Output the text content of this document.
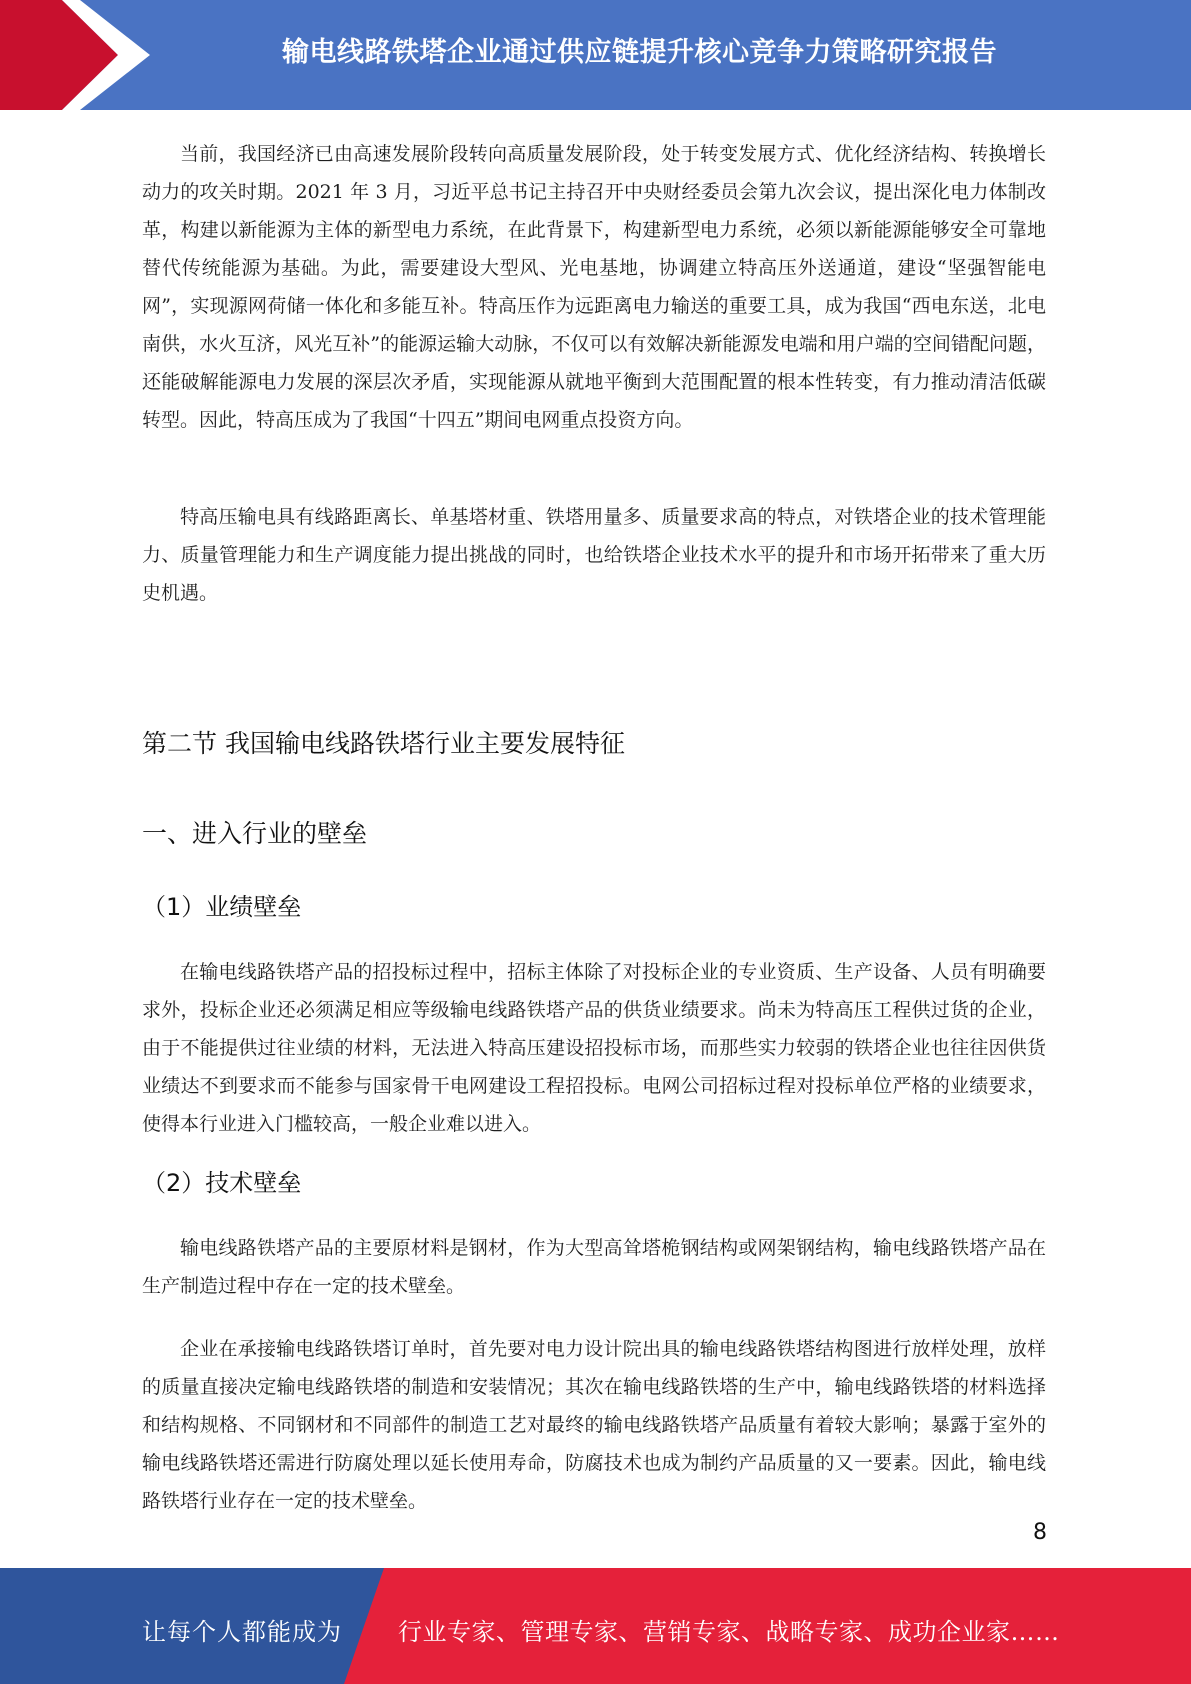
输电线路铁塔企业通过供应链提升核心竞争力策略研究报告

当前，我国经济已由高速发展阶段转向高质量发展阶段，处于转变发展方式、优化经济结构、转换增长动力的攻关时期。2021 年 3 月，习近平总书记主持召开中央财经委员会第九次会议，提出深化电力体制改革，构建以新能源为主体的新型电力系统，在此背景下，构建新型电力系统，必须以新能源能够安全可靠地替代传统能源为基础。为此，需要建设大型风、光电基地，协调建立特高压外送通道，建设“坚强智能电网”，实现源网荷储一体化和多能互补。特高压作为远距离电力输送的重要工具，成为我国“西电东送，北电南供，水火互济，风光互补”的能源运输大动脉，不仅可以有效解决新能源发电端和用户端的空间错配问题，还能破解能源电力发展的深层次矛盾，实现能源从就地平衡到大范围配置的根本性转变，有力推动清洁低碳转型。因此，特高压成为了我国“十四五”期间电网重点投资方向。

特高压输电具有线路距离长、单基塔材重、铁塔用量多、质量要求高的特点，对铁塔企业的技术管理能力、质量管理能力和生产调度能力提出挑战的同时，也给铁塔企业技术水平的提升和市场开拓带来了重大历史机遇。

第二节 我国输电线路铁塔行业主要发展特征
一、进入行业的壁垒
（1）业绩壁垒

在输电线路铁塔产品的招投标过程中，招标主体除了对投标企业的专业资质、生产设备、人员有明确要求外，投标企业还必须满足相应等级输电线路铁塔产品的供货业绩要求。尚未为特高压工程供过货的企业，由于不能提供过往业绩的材料，无法进入特高压建设招投标市场，而那些实力较弱的铁塔企业也往往因供货业绩达不到要求而不能参与国家骨干电网建设工程招投标。电网公司招标过程对投标单位严格的业绩要求，使得本行业进入门槛较高，一般企业难以进入。

（2）技术壁垒

输电线路铁塔产品的主要原材料是钢材，作为大型高耸塔桅钢结构或网架钢结构，输电线路铁塔产品在生产制造过程中存在一定的技术壁垒。

企业在承接输电线路铁塔订单时，首先要对电力设计院出具的输电线路铁塔结构图进行放样处理，放样的质量直接决定输电线路铁塔的制造和安装情况；其次在输电线路铁塔的生产中，输电线路铁塔的材料选择和结构规格、不同钢材和不同部件的制造工艺对最终的输电线路铁塔产品质量有着较大影响；暴露于室外的输电线路铁塔还需进行防腐处理以延长使用寿命，防腐技术也成为制约产品质量的又一要素。因此，输电线路铁塔行业存在一定的技术壁垒。

8
让每个人都能成为 行业专家、管理专家、营销专家、战略专家、成功企业家……
